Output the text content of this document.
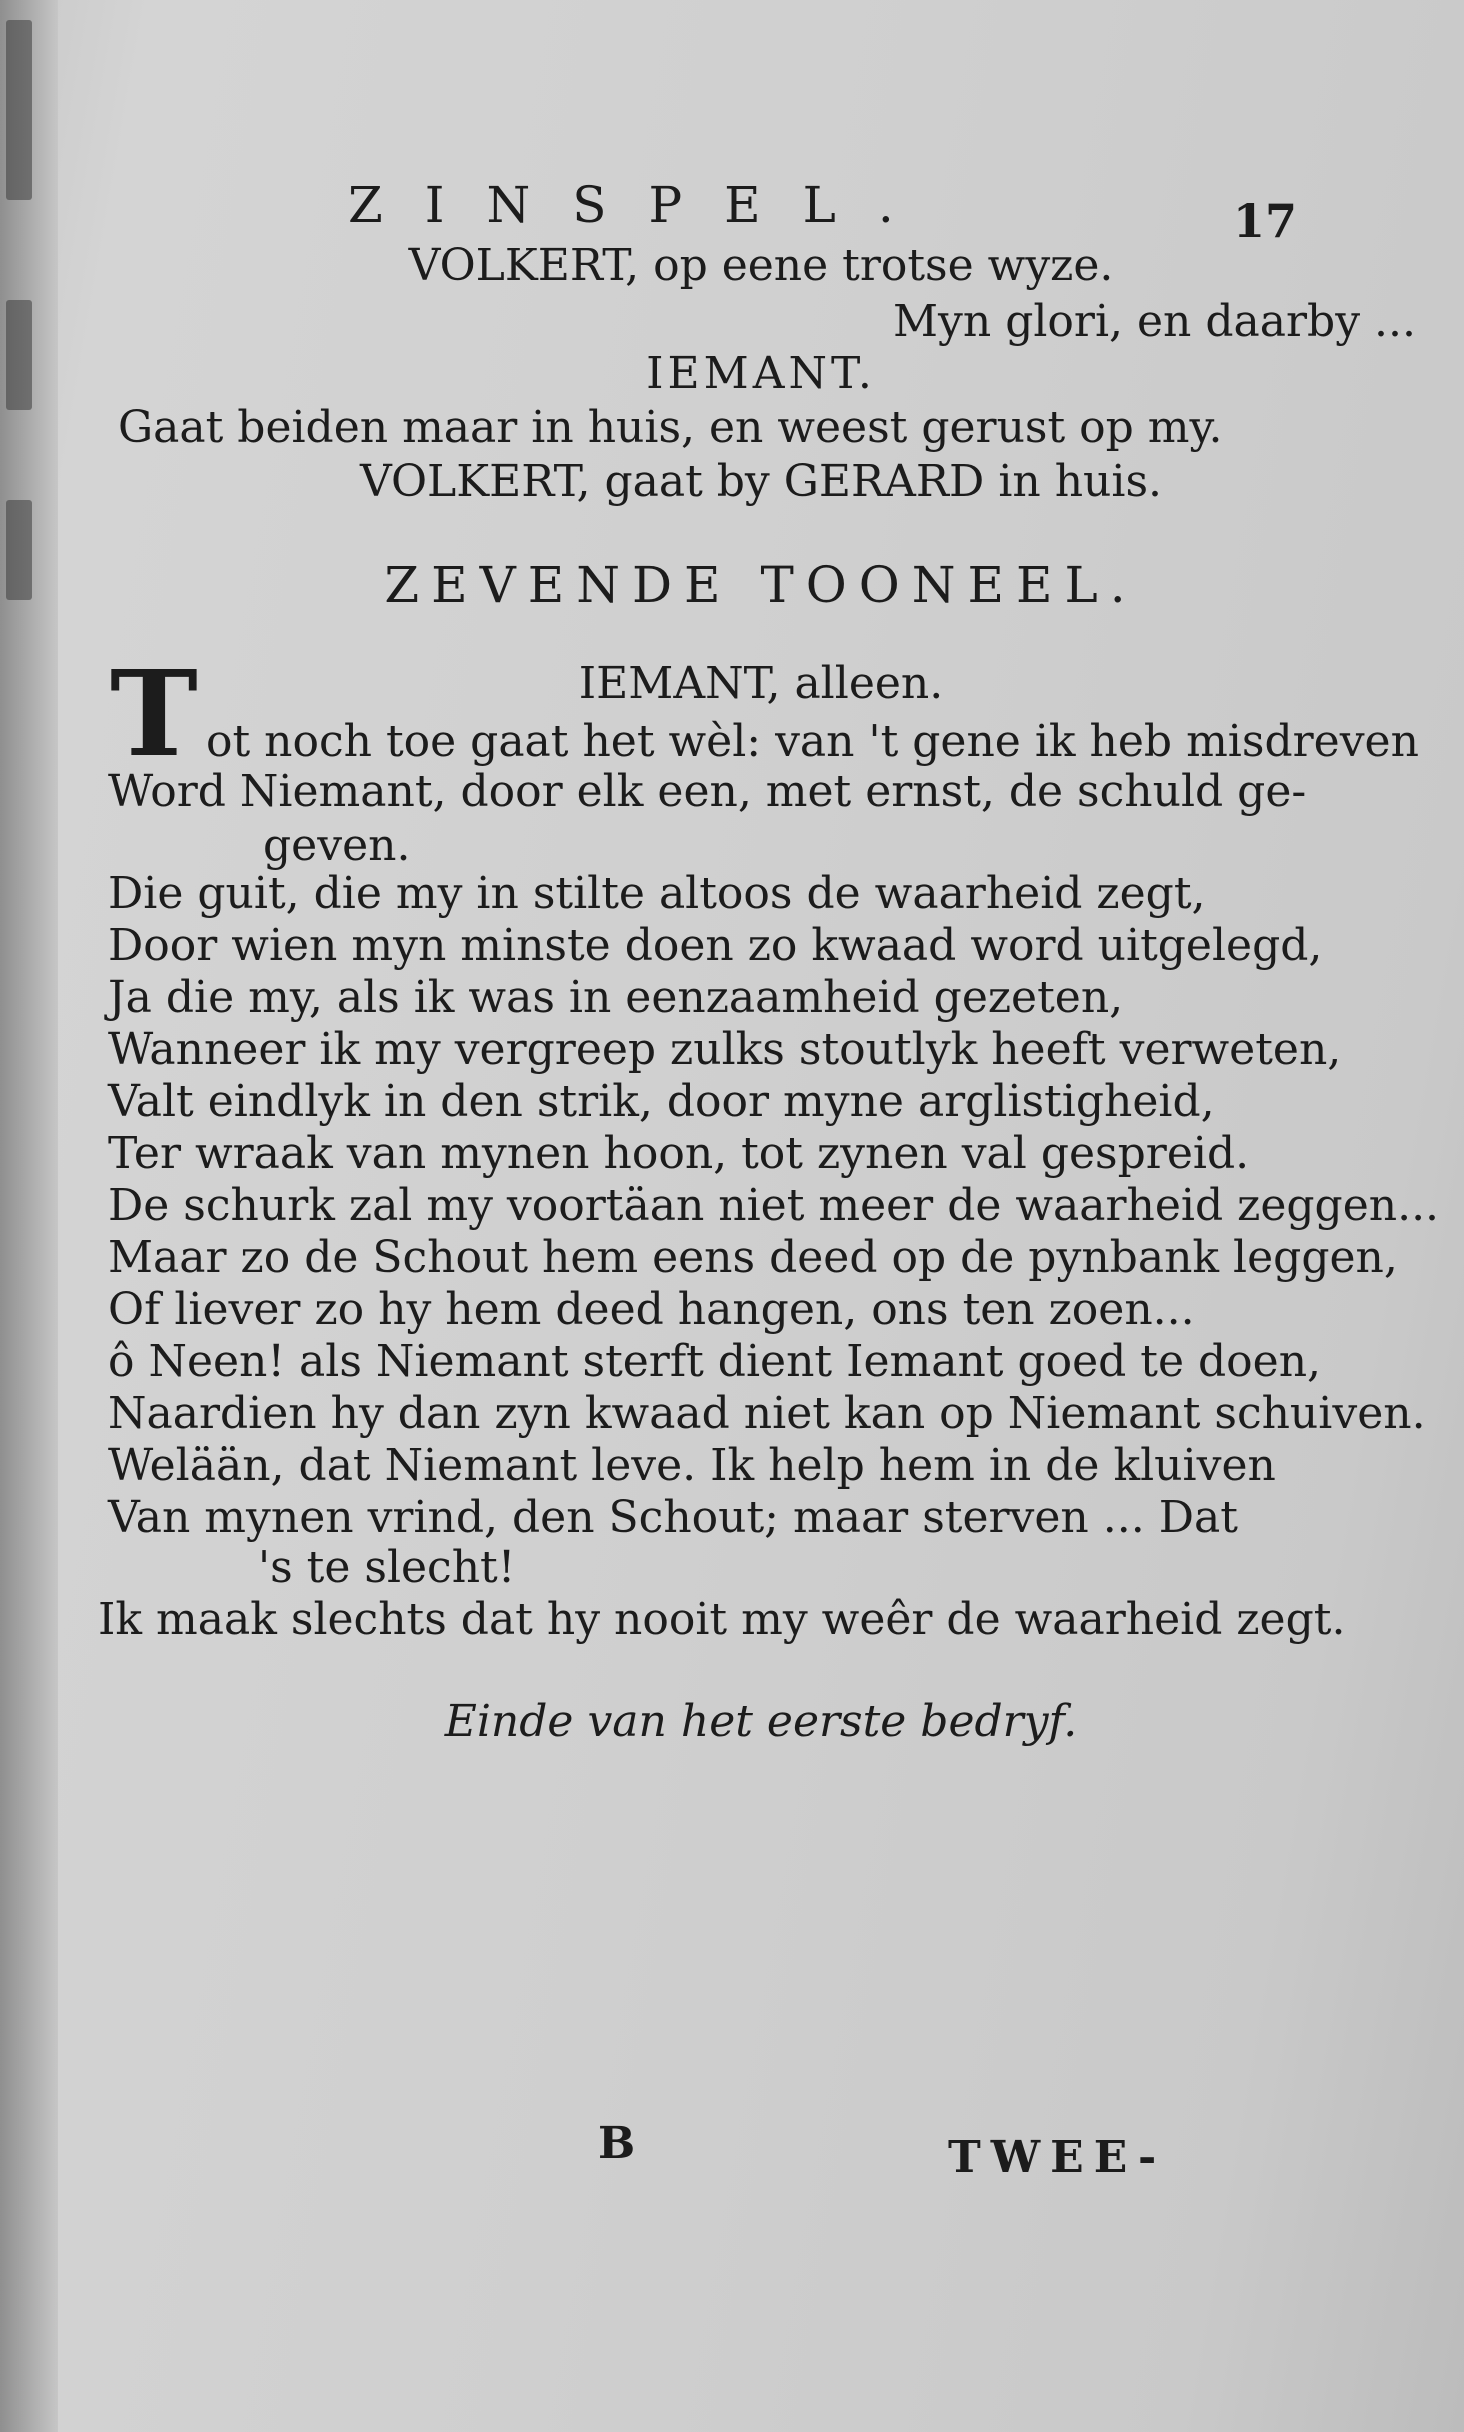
ZINSPEL.	17
VOLKERT, op eene trotse wyze.
Myn glori, en daarby ...
IEMANT.
Gaat beiden maar in huis, en weest gerust op my.
VOLKERT, gaat by GERARD in huis.
ZEVENDE TOONEEL.
IEMANT, alleen.
T ot noch toe gaat het wèl: van 't gene ik heb misdreven
Word Niemant, door elk een, met ernst, de schuld ge-
geven.
Die guit, die my in stilte altoos de waarheid zegt,
Door wien myn minste doen zo kwaad word uitgelegd,
Ja die my, als ik was in eenzaamheid gezeten,
Wanneer ik my vergreep zulks stoutlyk heeft verweten,
Valt eindlyk in den strik, door myne arglistigheid,
Ter wraak van mynen hoon, tot zynen val gespreid.
De schurk zal my voortäan niet meer de waarheid zeggen...
Maar zo de Schout hem eens deed op de pynbank leggen,
Of liever zo hy hem deed hangen, ons ten zoen...
ô Neen! als Niemant sterft dient Iemant goed te doen,
Naardien hy dan zyn kwaad niet kan op Niemant schuiven.
Welään, dat Niemant leve. Ik help hem in de kluiven
Van mynen vrind, den Schout; maar sterven ... Dat
's te slecht!
Ik maak slechts dat hy nooit my weêr de waarheid zegt.
Einde van het eerste bedryf.
B	TWEE-
